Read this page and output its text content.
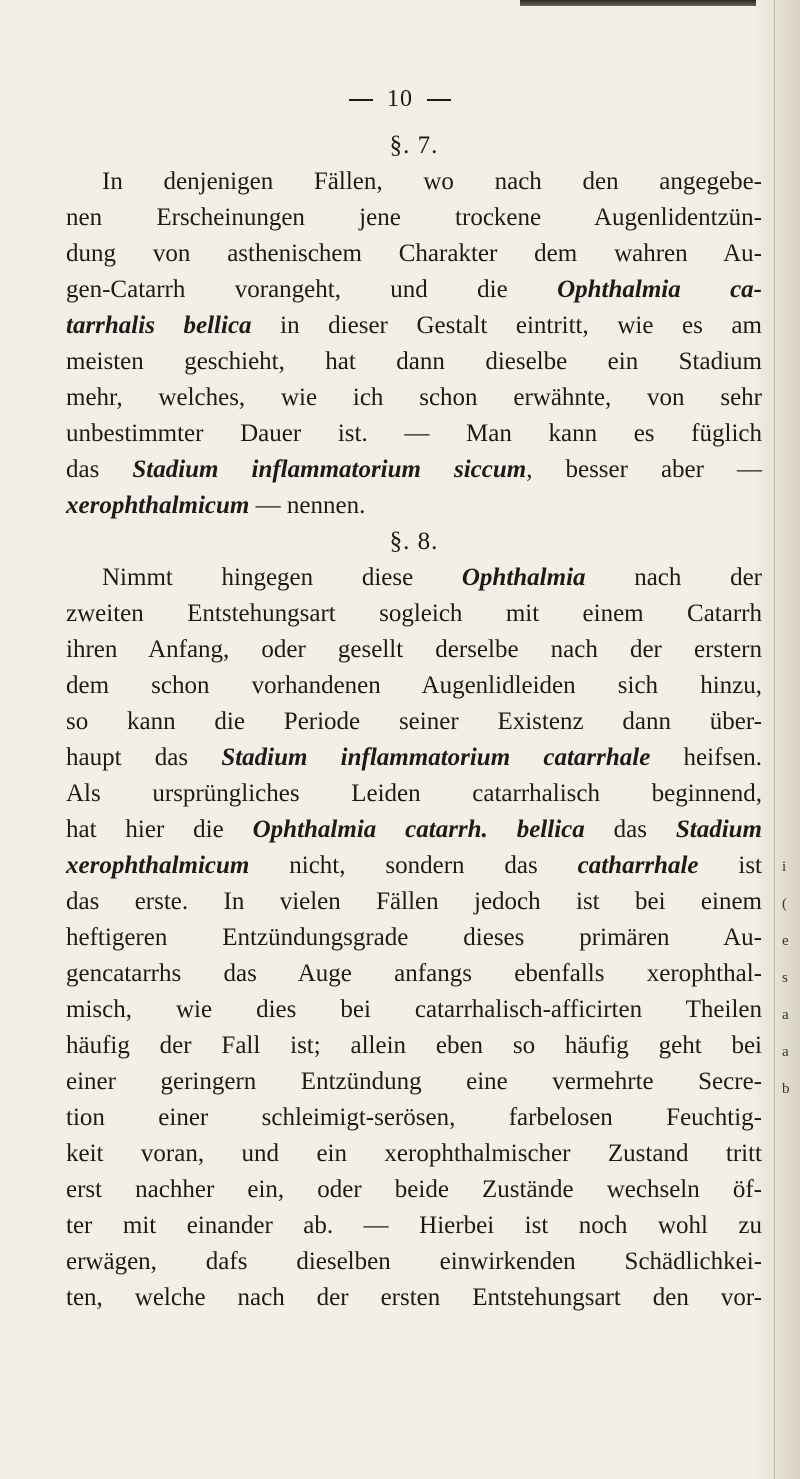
i
(
e
s
a
a
b
10
§. 7.
In denjenigen Fällen, wo nach den angegebe-
nen Erscheinungen jene trockene Augenlidentzün-
dung von asthenischem Charakter dem wahren Au-
gen-Catarrh vorangeht, und die Ophthalmia ca-
tarrhalis bellica in dieser Gestalt eintritt, wie es am
meisten geschieht, hat dann dieselbe ein Stadium
mehr, welches, wie ich schon erwähnte, von sehr
unbestimmter Dauer ist. — Man kann es füglich
das Stadium inflammatorium siccum, besser aber —
xerophthalmicum — nennen.
§. 8.
Nimmt hingegen diese Ophthalmia nach der
zweiten Entstehungsart sogleich mit einem Catarrh
ihren Anfang, oder gesellt derselbe nach der erstern
dem schon vorhandenen Augenlidleiden sich hinzu,
so kann die Periode seiner Existenz dann über-
haupt das Stadium inflammatorium catarrhale heifsen.
Als ursprüngliches Leiden catarrhalisch beginnend,
hat hier die Ophthalmia catarrh. bellica das Stadium
xerophthalmicum nicht, sondern das catharrhale ist
das erste. In vielen Fällen jedoch ist bei einem
heftigeren Entzündungsgrade dieses primären Au-
gencatarrhs das Auge anfangs ebenfalls xerophthal-
misch, wie dies bei catarrhalisch-afficirten Theilen
häufig der Fall ist; allein eben so häufig geht bei
einer geringern Entzündung eine vermehrte Secre-
tion einer schleimigt-serösen, farbelosen Feuchtig-
keit voran, und ein xerophthalmischer Zustand tritt
erst nachher ein, oder beide Zustände wechseln öf-
ter mit einander ab. — Hierbei ist noch wohl zu
erwägen, dafs dieselben einwirkenden Schädlichkei-
ten, welche nach der ersten Entstehungsart den vor-
